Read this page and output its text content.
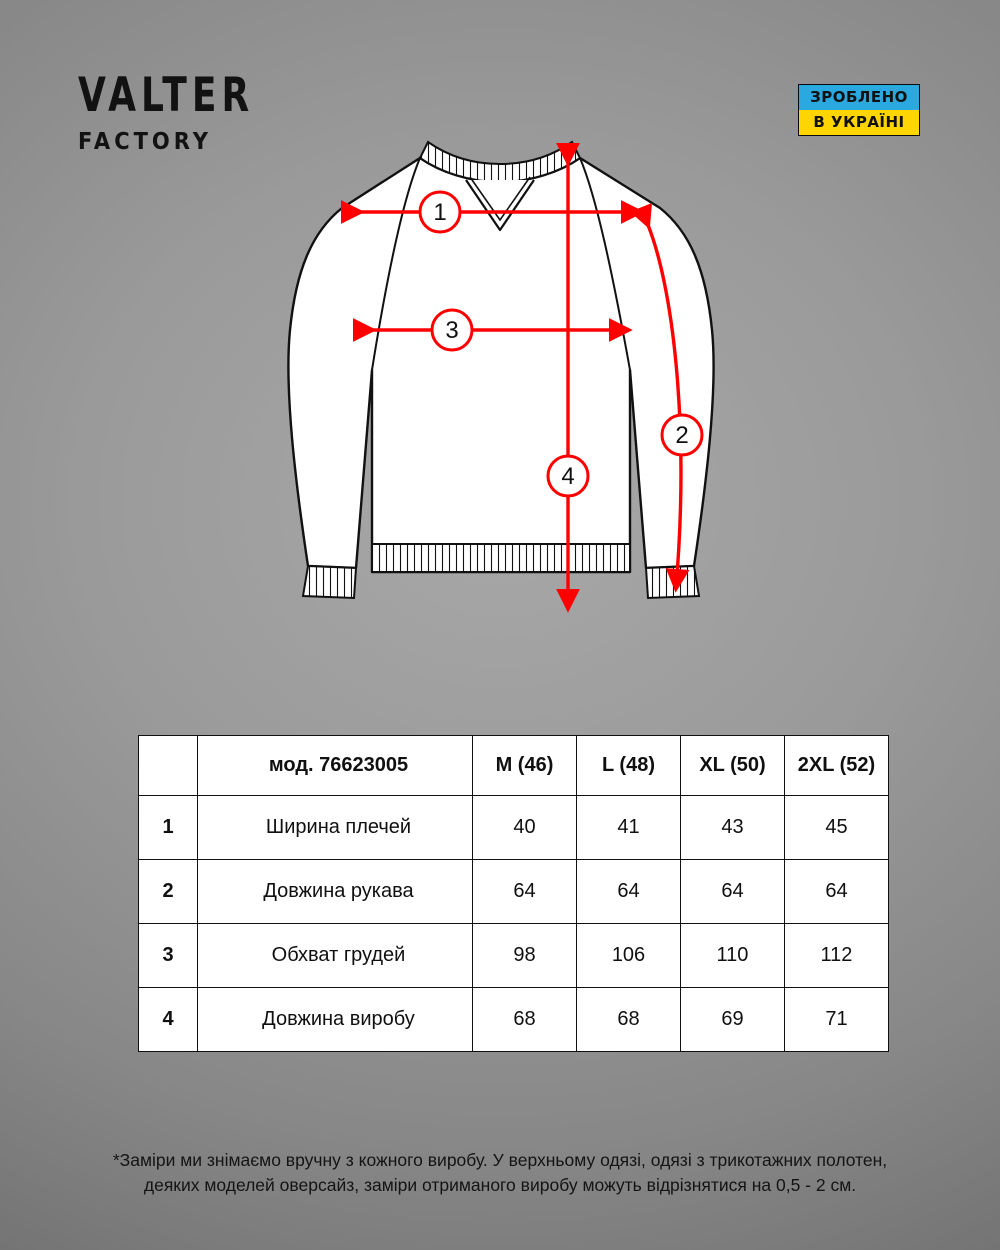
VALTER
FACTORY
ЗРОБЛЕНО
В УКРАЇНІ
1
2
3
4
	мод. 76623005	M (46)	L (48)	XL (50)	2XL (52)
1	Ширина плечей	40	41	43	45
2	Довжина рукава	64	64	64	64
3	Обхват грудей	98	106	110	112
4	Довжина виробу	68	68	69	71
*Заміри ми знімаємо вручну з кожного виробу. У верхньому одязі, одязі з трикотажних полотен,
деяких моделей оверсайз, заміри отриманого виробу можуть відрізнятися на 0,5 - 2 см.
